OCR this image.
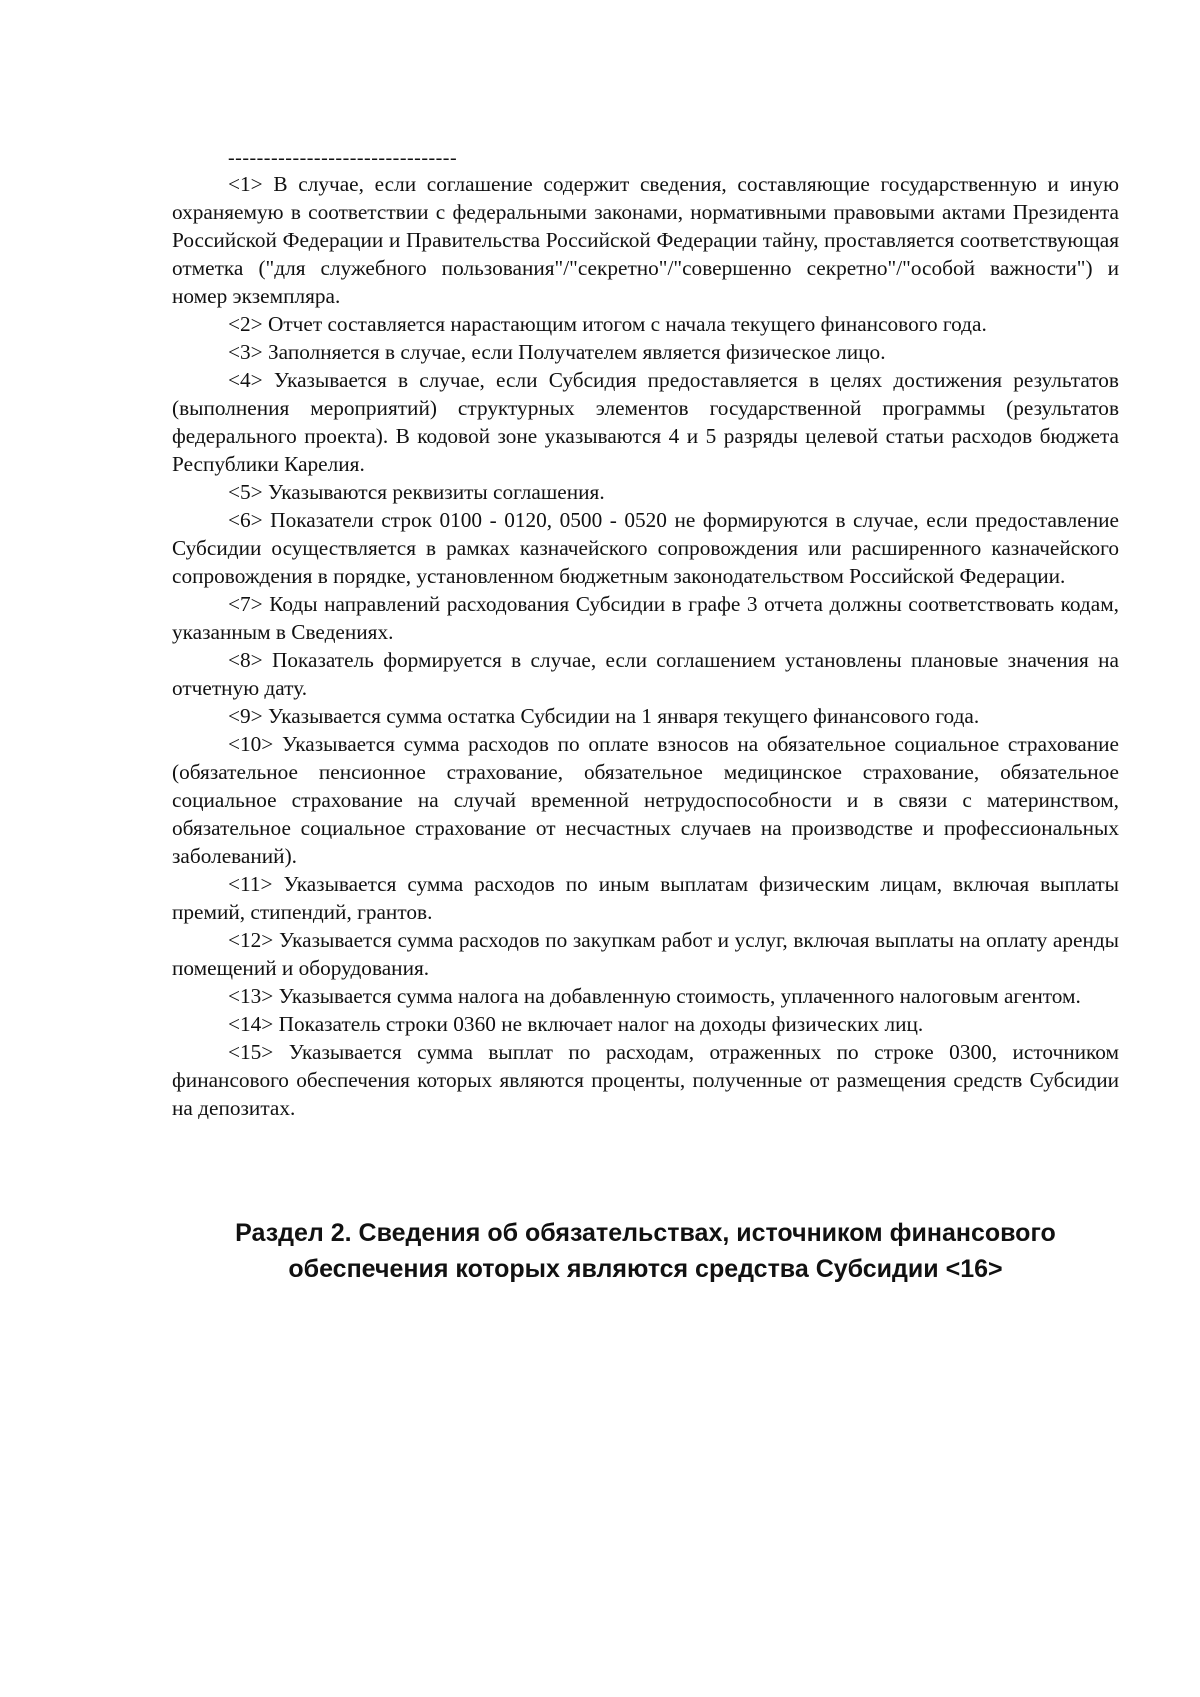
--------------------------------

<1> В случае, если соглашение содержит сведения, составляющие государственную и иную охраняемую в соответствии с федеральными законами, нормативными правовыми актами Президента Российской Федерации и Правительства Российской Федерации тайну, проставляется соответствующая отметка ("для служебного пользования"/"секретно"/"совершенно секретно"/"особой важности") и номер экземпляра.

<2> Отчет составляется нарастающим итогом с начала текущего финансового года.

<3> Заполняется в случае, если Получателем является физическое лицо.

<4> Указывается в случае, если Субсидия предоставляется в целях достижения результатов (выполнения мероприятий) структурных элементов государственной программы (результатов федерального проекта). В кодовой зоне указываются 4 и 5 разряды целевой статьи расходов бюджета Республики Карелия.

<5> Указываются реквизиты соглашения.

<6> Показатели строк 0100 - 0120, 0500 - 0520 не формируются в случае, если предоставление Субсидии осуществляется в рамках казначейского сопровождения или расширенного казначейского сопровождения в порядке, установленном бюджетным законодательством Российской Федерации.

<7> Коды направлений расходования Субсидии в графе 3 отчета должны соответствовать кодам, указанным в Сведениях.

<8> Показатель формируется в случае, если соглашением установлены плановые значения на отчетную дату.

<9> Указывается сумма остатка Субсидии на 1 января текущего финансового года.

<10> Указывается сумма расходов по оплате взносов на обязательное социальное страхование (обязательное пенсионное страхование, обязательное медицинское страхование, обязательное социальное страхование на случай временной нетрудоспособности и в связи с материнством, обязательное социальное страхование от несчастных случаев на производстве и профессиональных заболеваний).

<11> Указывается сумма расходов по иным выплатам физическим лицам, включая выплаты премий, стипендий, грантов.

<12> Указывается сумма расходов по закупкам работ и услуг, включая выплаты на оплату аренды помещений и оборудования.

<13> Указывается сумма налога на добавленную стоимость, уплаченного налоговым агентом.

<14> Показатель строки 0360 не включает налог на доходы физических лиц.

<15> Указывается сумма выплат по расходам, отраженных по строке 0300, источником финансового обеспечения которых являются проценты, полученные от размещения средств Субсидии на депозитах.

Раздел 2. Сведения об обязательствах, источником финансового
обеспечения которых являются средства Субсидии <16>
